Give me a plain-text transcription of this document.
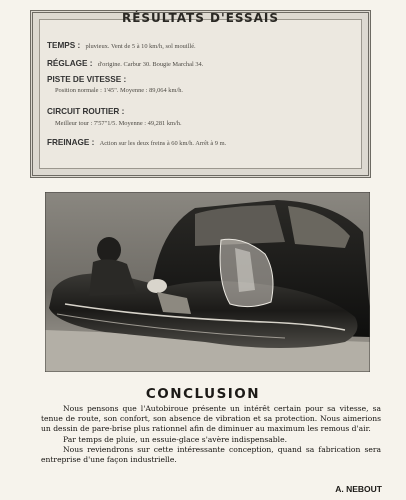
RÉSULTATS D'ESSAIS
TEMPS : pluvieux. Vent de 5 à 10 km/h, sol mouillé.
RÉGLAGE : d'origine. Carbur 30. Bougie Marchal 34.
PISTE DE VITESSE :
Position normale : 1'45". Moyenne : 89,064 km/h.
CIRCUIT ROUTIER :
Meilleur tour : 7'57"1/5. Moyenne : 49,281 km/h.
FREINAGE : Action sur les deux freins à 60 km/h. Arrêt à 9 m.
CONCLUSION

Nous pensons que l'Autobiroue présente un intérêt certain pour sa vitesse, sa tenue de route, son confort, son absence de vibration et sa protection. Nous aimerions un dessin de pare-brise plus rationnel afin de diminuer au maximum les remous d'air.

Par temps de pluie, un essuie-glace s'avère indispensable.

Nous reviendrons sur cette intéressante conception, quand sa fabrication sera entreprise d'une façon industrielle.

A. NEBOUT
